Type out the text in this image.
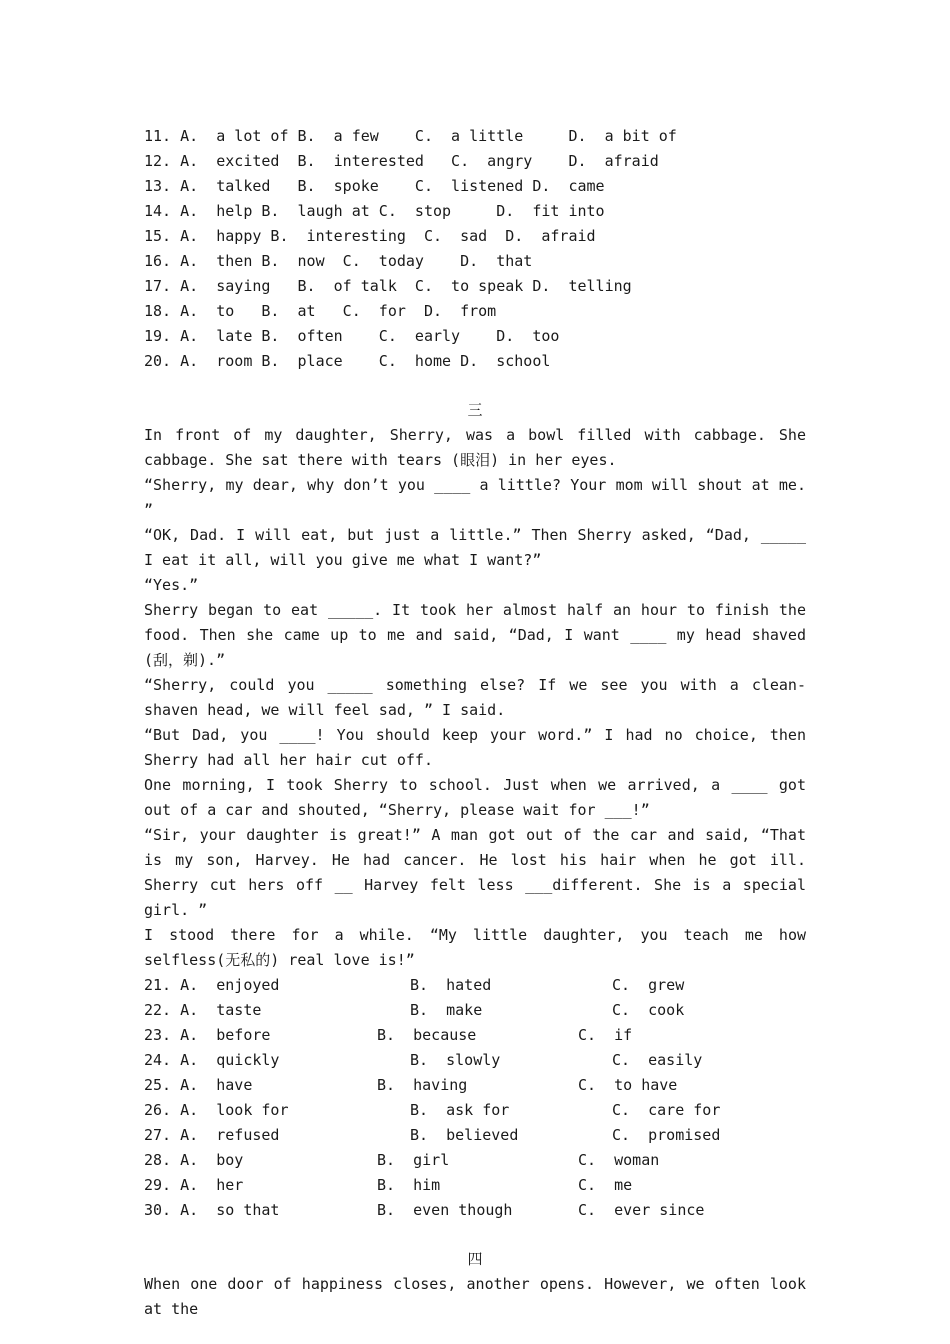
11. A.  a lot of B.  a few    C.  a little     D.  a bit of
12. A.  excited  B.  interested   C.  angry    D.  afraid
13. A.  talked   B.  spoke    C.  listened D.  came
14. A.  help B.  laugh at C.  stop     D.  fit into
15. A.  happy B.  interesting  C.  sad  D.  afraid
16. A.  then B.  now  C.  today    D.  that
17. A.  saying   B.  of talk  C.  to speak D.  telling
18. A.  to   B.  at   C.  for  D.  from
19. A.  late B.  often    C.  early    D.  too
20. A.  room B.  place    C.  home D.  school
三
In front of my daughter, Sherry, was a bowl filled with cabbage. She cabbage. She sat there with tears (眼泪) in her eyes.
“Sherry, my dear, why don’t you ____ a little? Your mom will shout at me. ”
“OK, Dad. I will eat, but just a little.” Then Sherry asked, “Dad, _____ I eat it all, will you give me what I want?”
“Yes.”
Sherry began to eat _____. It took her almost half an hour to finish the food. Then she came up to me and said, “Dad, I want ____ my head shaved (刮，剃).”
“Sherry, could you _____ something else? If we see you with a clean-shaven head, we will feel sad, ” I said.
“But Dad, you ____! You should keep your word.” I had no choice, then Sherry had all her hair cut off.
One morning, I took Sherry to school. Just when we arrived, a ____ got out of a car and shouted, “Sherry, please wait for ___!”
“Sir, your daughter is great!” A man got out of the car and said, “That is my son, Harvey. He had cancer. He lost his hair when he got ill. Sherry cut hers off __ Harvey felt less ___different. She is a special girl. ”
I stood there for a while. “My little daughter, you teach me how selfless(无私的) real love is!”
21. A.  enjoyed	B.  hated	C.  grew
22. A.  taste	B.  make	C.  cook
23. A.  before	B.  because	C.  if
24. A.  quickly	B.  slowly	C.  easily
25. A.  have	B.  having	C.  to have
26. A.  look for	B.  ask for	C.  care for
27. A.  refused	B.  believed	C.  promised
28. A.  boy	B.  girl	C.  woman
29. A.  her	B.  him	C.  me
30. A.  so that	B.  even though	C.  ever since
四
When one door of happiness closes, another opens. However, we often look at the
